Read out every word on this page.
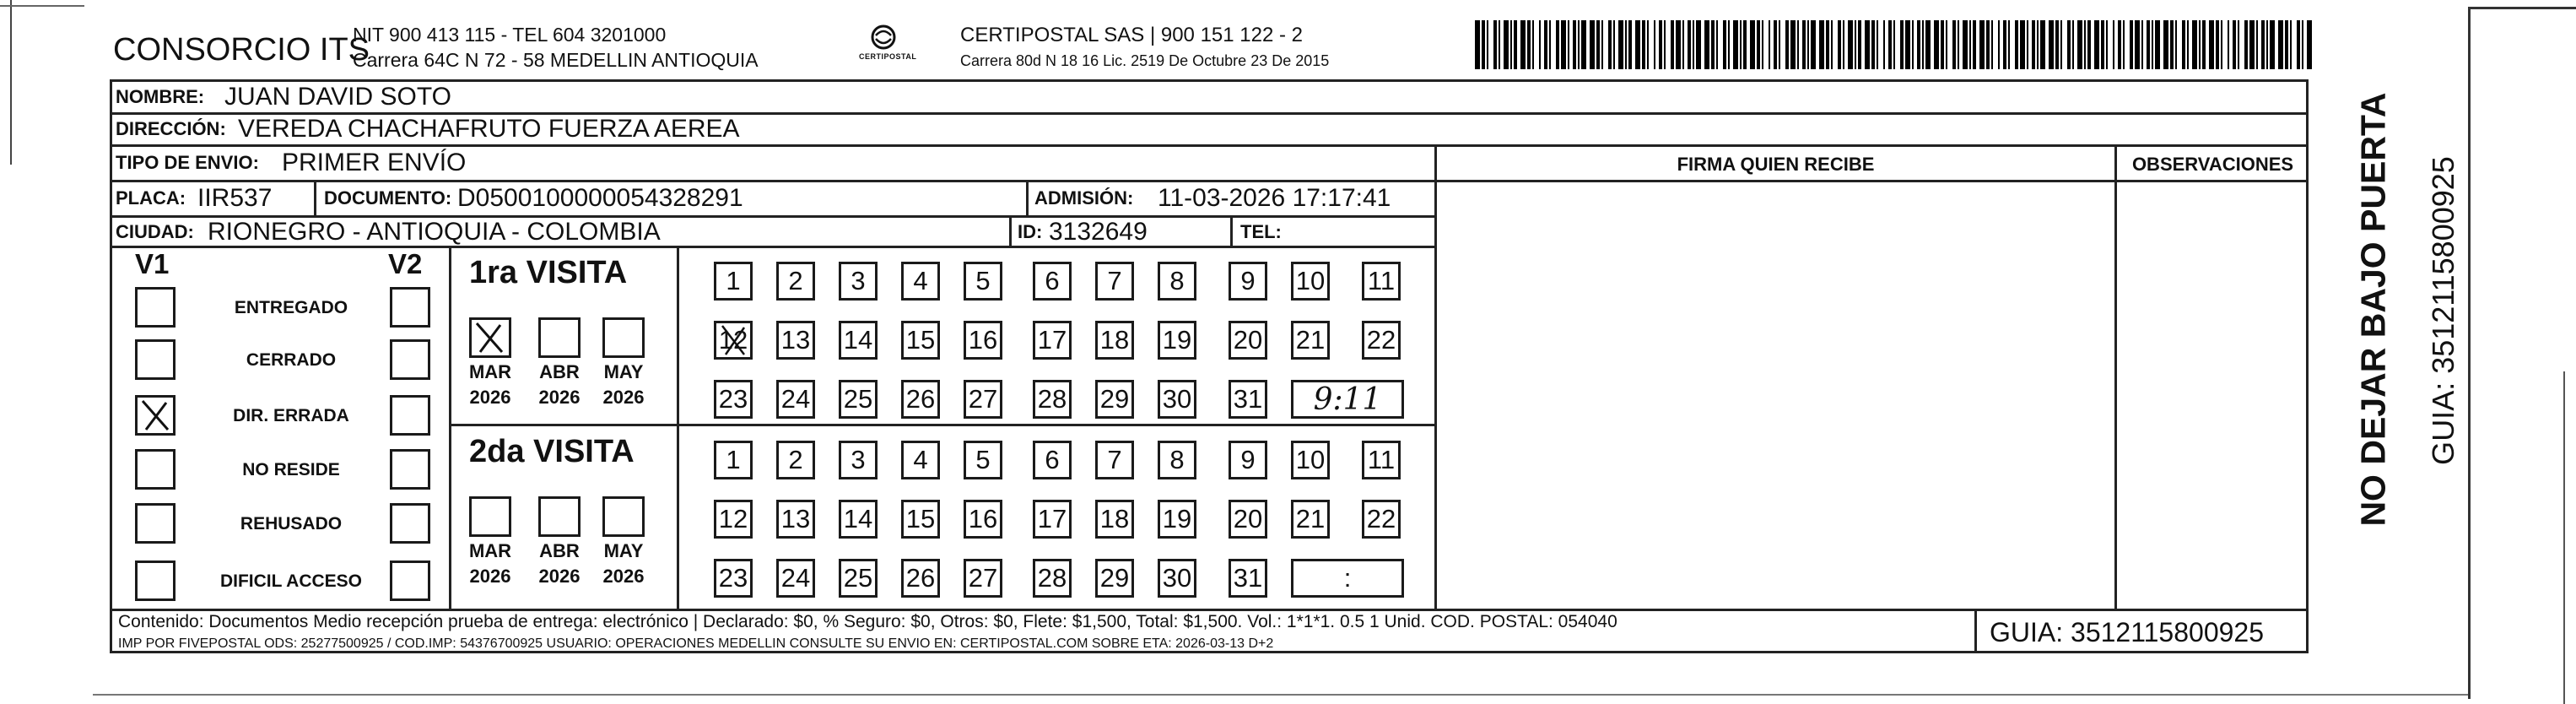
CONSORCIO ITS
NIT 900 413 115 - TEL 604 3201000
Carrera 64C N 72 - 58 MEDELLIN ANTIOQUIA	CERTIPOSTAL
CERTIPOSTAL SAS | 900 151 122 - 2
Carrera 80d N 18 16 Lic. 2519 De Octubre 23 De 2015
NOMBRE: JUAN DAVID SOTO
DIRECCIÓN: VEREDA CHACHAFRUTO FUERZA AEREA
TIPO DE ENVIO: PRIMER ENVÍO
PLACA: IIR537	DOCUMENTO: D0500100000054328291	ADMISIÓN: 11-03-2026 17:17:41
CIUDAD: RIONEGRO - ANTIOQUIA - COLOMBIA	ID: 3132649	TEL:
FIRMA QUIEN RECIBE	OBSERVACIONES
V1	V2
ENTREGADO
CERRADO
DIR. ERRADA
NO RESIDE
REHUSADO
DIFICIL ACCESO
1ra VISITA
MAR
2026
ABR
2026
MAY
2026
1	2	3	4	5	6	7	8	9	10 11
12 13 14 15 16 17 18 19 20 21 22
23 24 25 26 27 28 29 30 31	9:11
2da VISITA
MAR
2026
ABR
2026
MAY
2026
1	2	3	4	5	6	7	8	9	10 11
12 13 14 15 16 17 18 19 20 21 22
23 24 25 26 27 28 29 30 31	:
Contenido: Documentos Medio recepción prueba de entrega: electrónico | Declarado: $0, % Seguro: $0, Otros: $0, Flete: $1,500, Total: $1,500. Vol.: 1*1*1. 0.5 1 Unid. COD. POSTAL: 054040
IMP POR FIVEPOSTAL ODS: 25277500925 / COD.IMP: 54376700925 USUARIO: OPERACIONES MEDELLIN CONSULTE SU ENVIO EN: CERTIPOSTAL.COM SOBRE ETA: 2026-03-13 D+2	GUIA: 3512115800925
NO DEJAR BAJO PUERTA GUIA: 3512115800925
